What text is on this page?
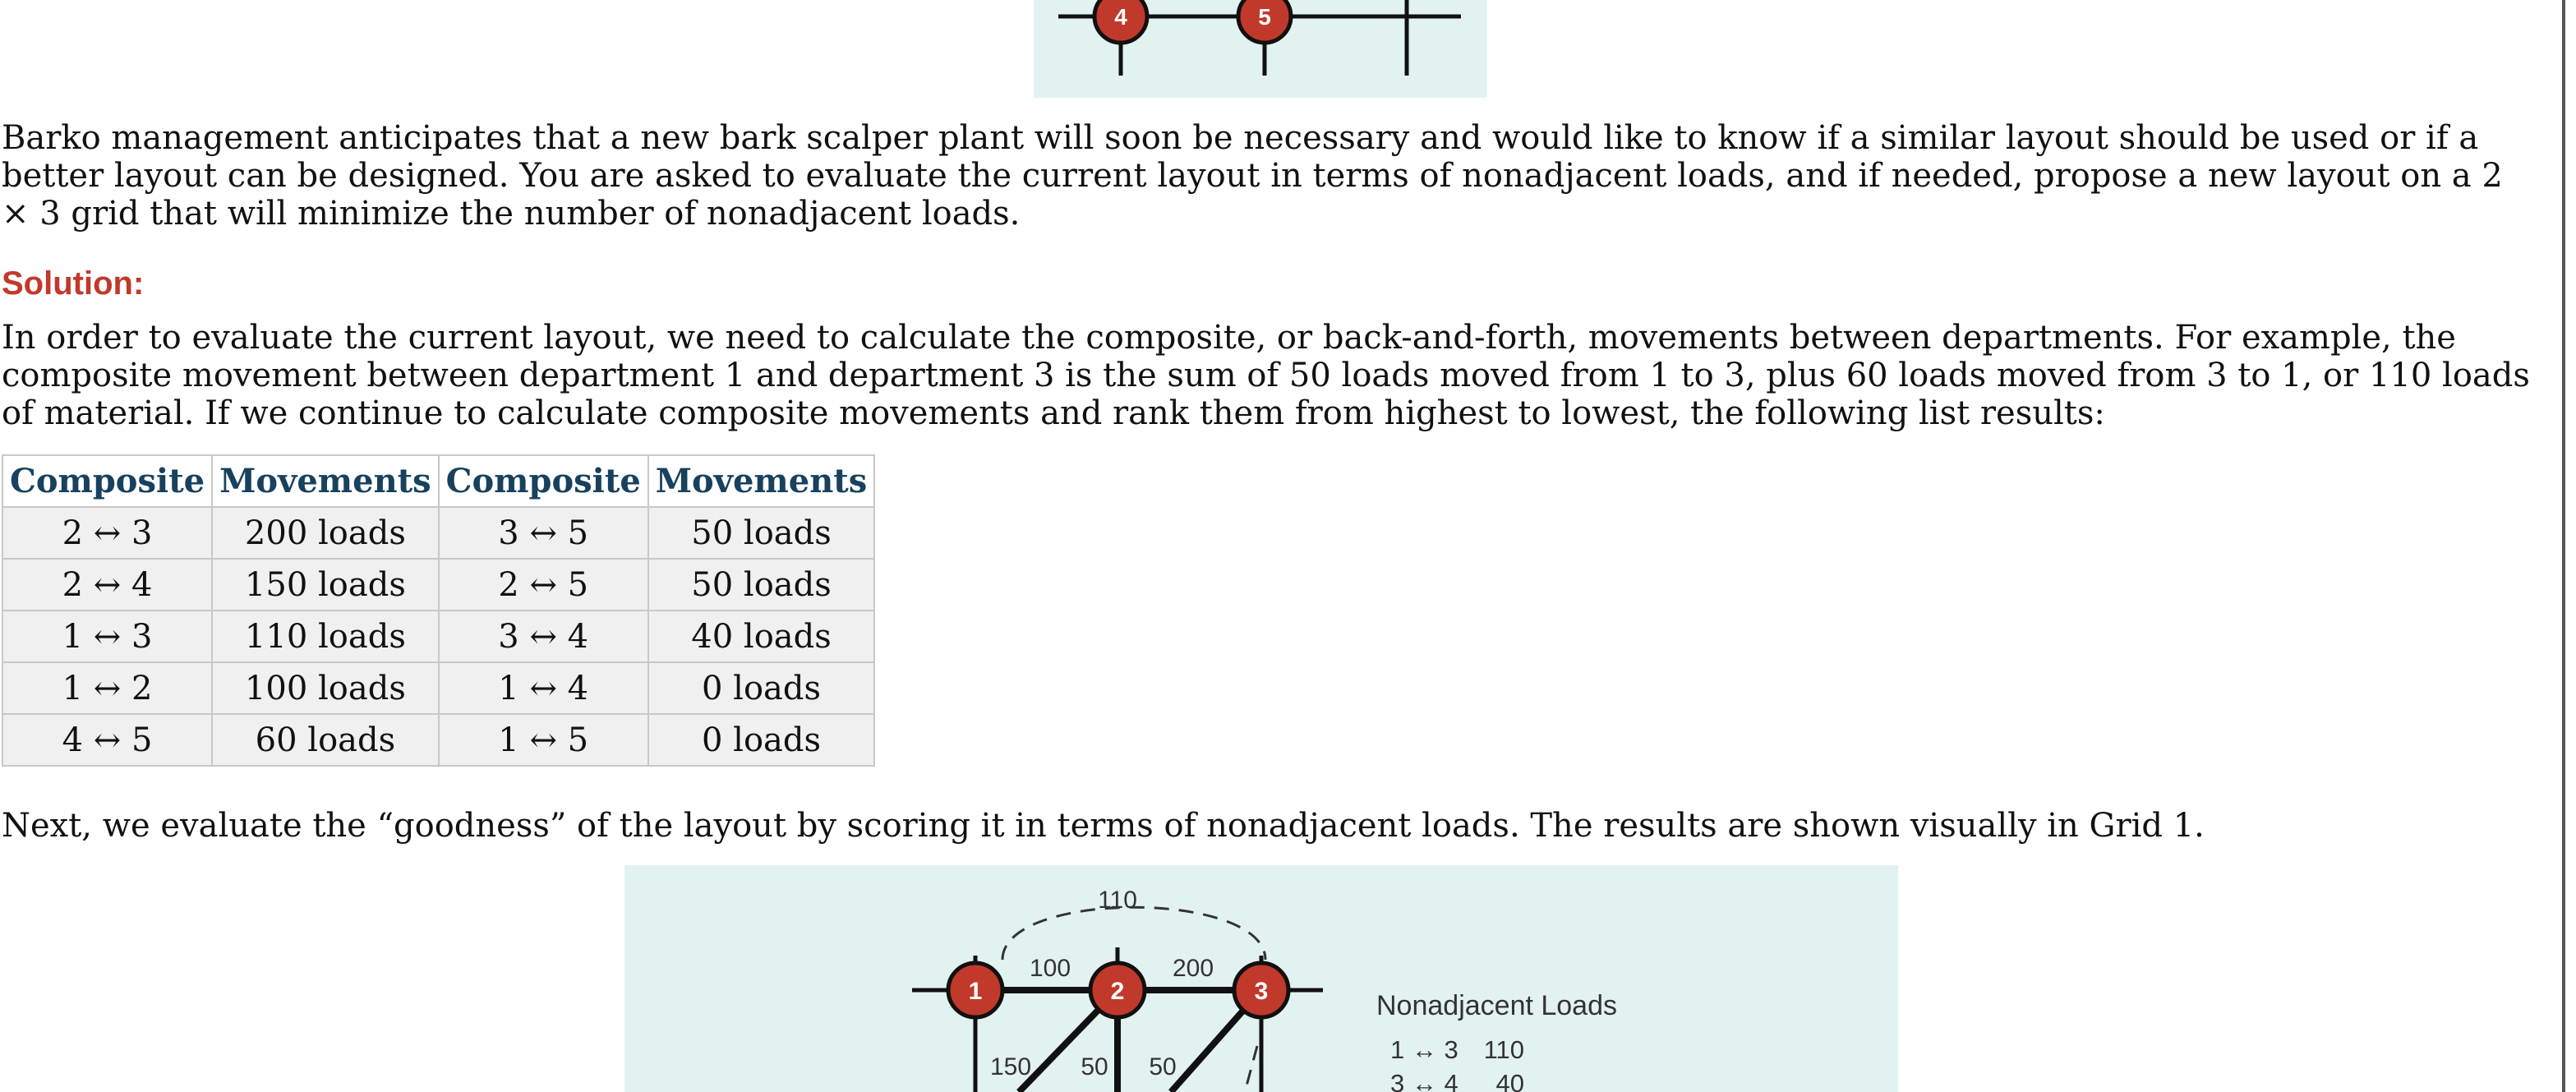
4	5

Barko management anticipates that a new bark scalper plant will soon be necessary and would like to know if a similar layout should be used or if a better layout can be designed. You are asked to evaluate the current layout in terms of nonadjacent loads, and if needed, propose a new layout on a 2 × 3 grid that will minimize the number of nonadjacent loads.

Solution:

In order to evaluate the current layout, we need to calculate the composite, or back-and-forth, movements between departments. For example, the composite movement between department 1 and department 3 is the sum of 50 loads moved from 1 to 3, plus 60 loads moved from 3 to 1, or 110 loads of material. If we continue to calculate composite movements and rank them from highest to lowest, the following list results:

Composite	Movements	Composite	Movements
2 ↔ 3	200 loads	3 ↔ 5	50 loads
2 ↔ 4	150 loads	2 ↔ 5	50 loads
1 ↔ 3	110 loads	3 ↔ 4	40 loads
1 ↔ 2	100 loads	1 ↔ 4	0 loads
4 ↔ 5	60 loads	1 ↔ 5	0 loads

Next, we evaluate the “goodness” of the layout by scoring it in terms of nonadjacent loads. The results are shown visually in Grid 1.

1	2	3
110
100	200
150 50 50
Nonadjacent Loads
1 ↔ 3 110
3 ↔ 4 40
